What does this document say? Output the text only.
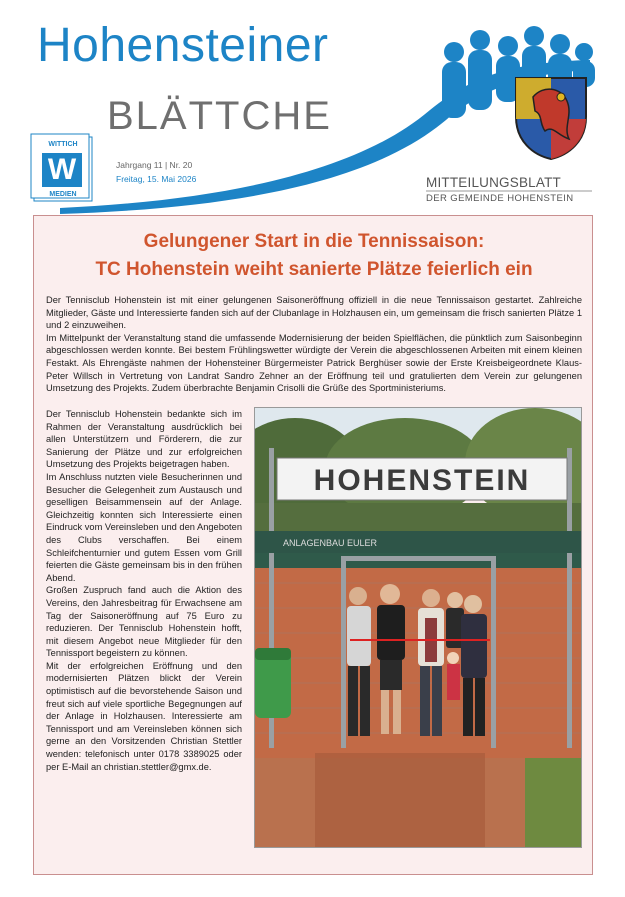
Hohensteiner
BLÄTTCHE
Jahrgang 11 | Nr. 20
Freitag, 15. Mai 2026	MITTEILUNGSBLATT
DER GEMEINDE HOHENSTEIN
WITTICH
W
MEDIEN
Gelungener Start in die Tennissaison:
TC Hohenstein weiht sanierte Plätze feierlich ein

Der Tennisclub Hohenstein ist mit einer gelungenen Saisoneröffnung offiziell in die neue Tennissaison gestartet. Zahlreiche Mitglieder, Gäste und Interessierte fanden sich auf der Clubanlage in Holzhausen ein, um gemeinsam die frisch sanierten Plätze 1 und 2 einzuweihen.

Im Mittelpunkt der Veranstaltung stand die umfassende Modernisierung der beiden Spielflächen, die pünktlich zum Saisonbeginn abgeschlossen werden konnte. Bei bestem Frühlingswetter würdigte der Verein die abgeschlossenen Arbeiten mit einem kleinen Festakt. Als Ehrengäste nahmen der Hohensteiner Bürgermeister Patrick Berghüser sowie der Erste Kreisbeigeordnete Klaus-Peter Willsch in Vertretung von Landrat Sandro Zehner an der Eröffnung teil und gratulierten dem Verein zur gelungenen Umsetzung des Projekts. Zudem überbrachte Benjamin Crisolli die Grüße des Sportministeriums.

Der Tennisclub Hohenstein bedankte sich im Rahmen der Veranstaltung ausdrücklich bei allen Unterstützern und Förderern, die zur Sanierung der Plätze und zur erfolgreichen Umsetzung des Projekts beigetragen haben.

Im Anschluss nutzten viele Besucherinnen und Besucher die Gelegenheit zum Austausch und geselligen Beisammensein auf der Anlage. Gleichzeitig konnten sich Interessierte einen Eindruck vom Vereinsleben und den Angeboten des Clubs verschaffen. Bei einem Schleifchenturnier und gutem Essen vom Grill feierten die Gäste gemeinsam bis in den frühen Abend.

Großen Zuspruch fand auch die Aktion des Vereins, den Jahresbeitrag für Erwachsene am Tag der Saisoneröffnung auf 75 Euro zu reduzieren. Der Tennisclub Hohenstein hofft, mit diesem Angebot neue Mitglieder für den Tennissport begeistern zu können.

Mit der erfolgreichen Eröffnung und den modernisierten Plätzen blickt der Verein optimistisch auf die bevorstehende Saison und freut sich auf viele sportliche Begegnungen auf der Anlage in Holzhausen. Interessierte am Tennissport und am Vereinsleben können sich gerne an den Vorsitzenden Christian Stettler wenden: telefonisch unter 0178 3389025 oder per E-Mail an christian.stettler@gmx.de.

HOHENSTEIN
ANLAGENBAU EULER
